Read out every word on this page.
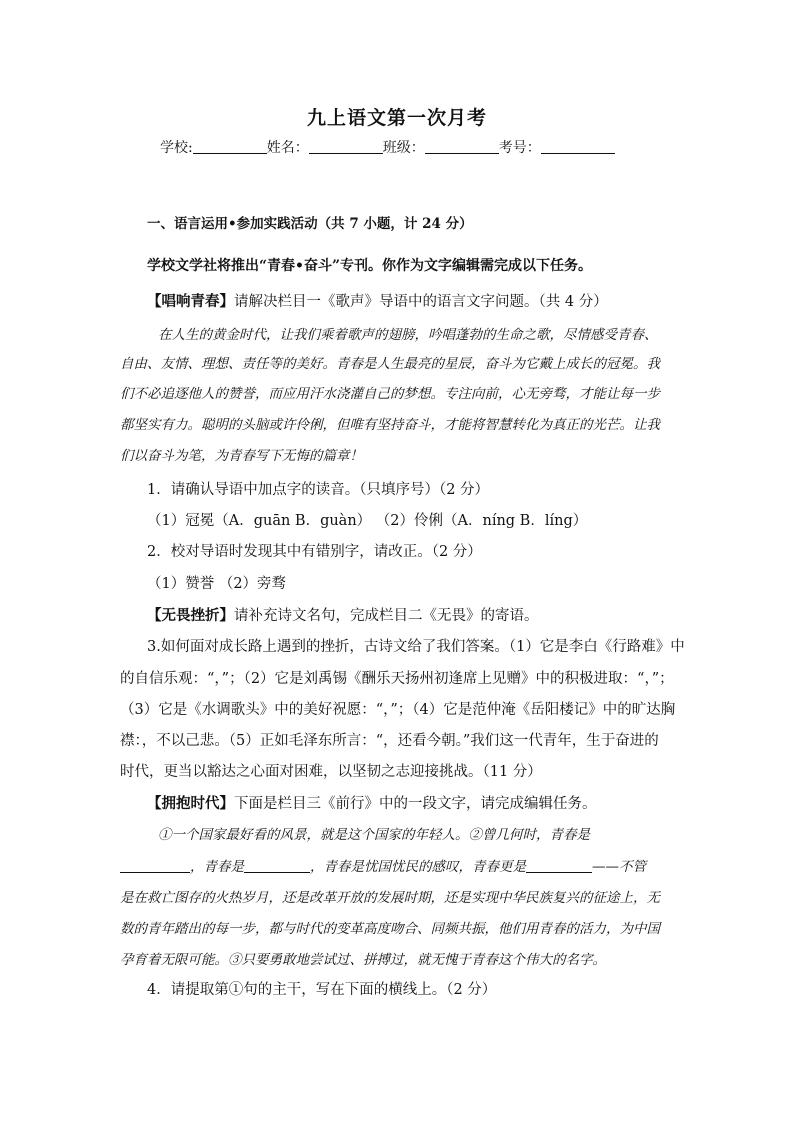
九上语文第一次月考
学校:	姓名：	班级：	考号：
一、语言运用•参加实践活动（共 7 小题，计 24 分）
学校文学社将推出“青春•奋斗”专刊。你作为文字编辑需完成以下任务。
【唱响青春】请解决栏目一《歌声》导语中的语言文字问题。（共 4 分）
在人生的黄金时代，让我们乘着歌声的翅膀，吟唱蓬勃的生命之歌，尽情感受青春、
自由、友情、理想、责任等的美好。青春是人生最亮的星辰，奋斗为它戴上成长的冠冕。我
们不必追逐他人的赞誉，而应用汗水浇灌自己的梦想。专注向前，心无旁骛，才能让每一步
都坚实有力。聪明的头脑或许伶俐，但唯有坚持奋斗，才能将智慧转化为真正的光芒。让我
们以奋斗为笔，为青春写下无悔的篇章！
1．请确认导语中加点字的读音。（只填序号）（2 分）
（1）冠冕（A．guān B．guàn） （2）伶俐（A．níng B．líng）
2．校对导语时发现其中有错别字，请改正。（2 分）
（1）赞誉 （2）旁骛
【无畏挫折】请补充诗文名句，完成栏目二《无畏》的寄语。
3.如何面对成长路上遇到的挫折，古诗文给了我们答案。（1）它是李白《行路难》中
的自信乐观：“，”；（2）它是刘禹锡《酬乐天扬州初逢席上见赠》中的积极进取：“，”；
（3）它是《水调歌头》中的美好祝愿：“，”；（4）它是范仲淹《岳阳楼记》中的旷达胸
襟：，不以己悲。（5）正如毛泽东所言：“，还看今朝。”我们这一代青年，生于奋进的
时代，更当以豁达之心面对困难，以坚韧之志迎接挑战。（11 分）
【拥抱时代】下面是栏目三《前行》中的一段文字，请完成编辑任务。
①一个国家最好看的风景，就是这个国家的年轻人。②曾几何时，青春是
，青春是	，青春是忧国忧民的感叹，青春更是	——不管
是在救亡图存的火热岁月，还是改革开放的发展时期，还是实现中华民族复兴的征途上，无
数的青年踏出的每一步，都与时代的变革高度吻合、同频共振，他们用青春的活力，为中国
孕育着无限可能。③只要勇敢地尝试过、拼搏过，就无愧于青春这个伟大的名字。
4．请提取第①句的主干，写在下面的横线上。（2 分）
